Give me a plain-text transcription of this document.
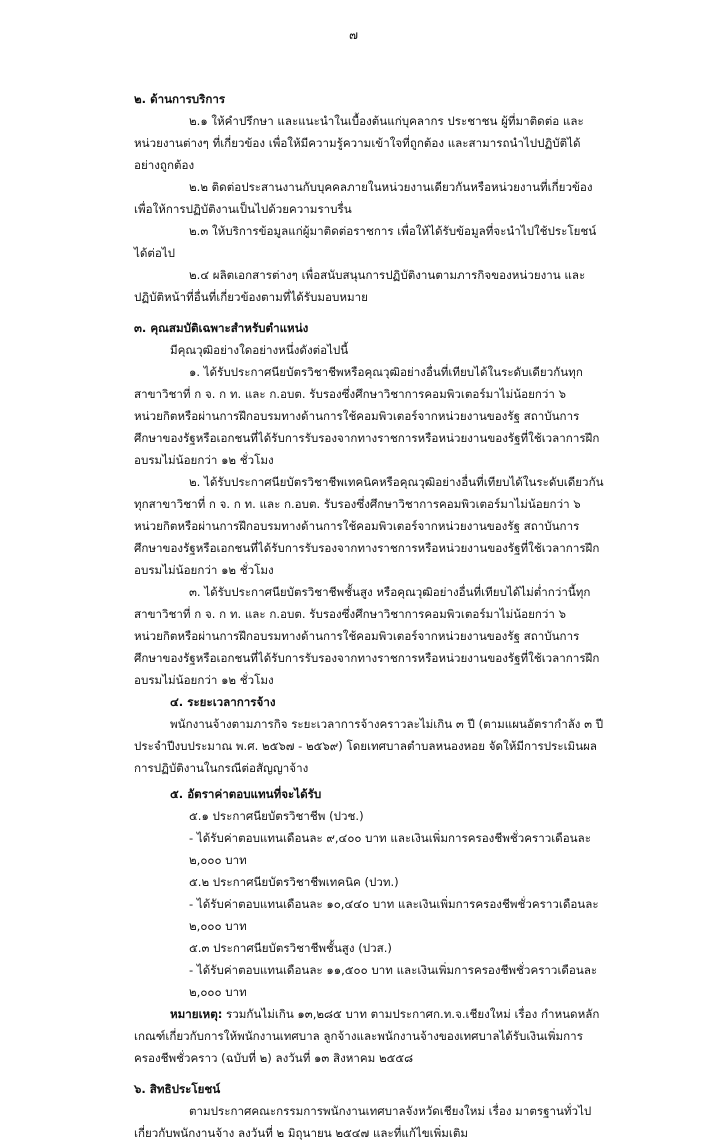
๗

๒. ด้านการบริการ

๒.๑ ให้คำปรึกษา และแนะนำในเบื้องต้นแก่บุคลากร ประชาชน ผู้ที่มาติดต่อ และหน่วยงานต่างๆ ที่เกี่ยวข้อง เพื่อให้มีความรู้ความเข้าใจที่ถูกต้อง และสามารถนำไปปฏิบัติได้อย่างถูกต้อง

๒.๒ ติดต่อประสานงานกับบุคคลภายในหน่วยงานเดียวกันหรือหน่วยงานที่เกี่ยวข้อง เพื่อให้การปฏิบัติงานเป็นไปด้วยความราบรื่น

๒.๓ ให้บริการข้อมูลแก่ผู้มาติดต่อราชการ เพื่อให้ได้รับข้อมูลที่จะนำไปใช้ประโยชน์ได้ต่อไป

๒.๔ ผลิตเอกสารต่างๆ เพื่อสนับสนุนการปฏิบัติงานตามภารกิจของหน่วยงาน และปฏิบัติหน้าที่อื่นที่เกี่ยวข้องตามที่ได้รับมอบหมาย

๓. คุณสมบัติเฉพาะสำหรับตำแหน่ง

มีคุณวุฒิอย่างใดอย่างหนึ่งดังต่อไปนี้

๑. ได้รับประกาศนียบัตรวิชาชีพหรือคุณวุฒิอย่างอื่นที่เทียบได้ในระดับเดียวกันทุกสาขาวิชาที่ ก จ. ก ท. และ ก.อบต. รับรองซึ่งศึกษาวิชาการคอมพิวเตอร์มาไม่น้อยกว่า ๖ หน่วยกิตหรือผ่านการฝึกอบรมทางด้านการใช้คอมพิวเตอร์จากหน่วยงานของรัฐ สถาบันการศึกษาของรัฐหรือเอกชนที่ได้รับการรับรองจากทางราชการหรือหน่วยงานของรัฐที่ใช้เวลาการฝึกอบรมไม่น้อยกว่า ๑๒ ชั่วโมง

๒. ได้รับประกาศนียบัตรวิชาชีพเทคนิคหรือคุณวุฒิอย่างอื่นที่เทียบได้ในระดับเดียวกันทุกสาขาวิชาที่ ก จ. ก ท. และ ก.อบต. รับรองซึ่งศึกษาวิชาการคอมพิวเตอร์มาไม่น้อยกว่า ๖ หน่วยกิตหรือผ่านการฝึกอบรมทางด้านการใช้คอมพิวเตอร์จากหน่วยงานของรัฐ สถาบันการศึกษาของรัฐหรือเอกชนที่ได้รับการรับรองจากทางราชการหรือหน่วยงานของรัฐที่ใช้เวลาการฝึกอบรมไม่น้อยกว่า ๑๒ ชั่วโมง

๓. ได้รับประกาศนียบัตรวิชาชีพชั้นสูง หรือคุณวุฒิอย่างอื่นที่เทียบได้ไม่ต่ำกว่านี้ทุกสาขาวิชาที่ ก จ. ก ท. และ ก.อบต. รับรองซึ่งศึกษาวิชาการคอมพิวเตอร์มาไม่น้อยกว่า ๖ หน่วยกิตหรือผ่านการฝึกอบรมทางด้านการใช้คอมพิวเตอร์จากหน่วยงานของรัฐ สถาบันการศึกษาของรัฐหรือเอกชนที่ได้รับการรับรองจากทางราชการหรือหน่วยงานของรัฐที่ใช้เวลาการฝึกอบรมไม่น้อยกว่า ๑๒ ชั่วโมง

๔. ระยะเวลาการจ้าง

พนักงานจ้างตามภารกิจ ระยะเวลาการจ้างคราวละไม่เกิน ๓ ปี (ตามแผนอัตรากำลัง ๓ ปี ประจำปีงบประมาณ พ.ศ. ๒๕๖๗ - ๒๕๖๙) โดยเทศบาลตำบลหนองหอย จัดให้มีการประเมินผลการปฏิบัติงานในกรณีต่อสัญญาจ้าง

๕. อัตราค่าตอบแทนที่จะได้รับ

๕.๑ ประกาศนียบัตรวิชาชีพ (ปวช.)

- ได้รับค่าตอบแทนเดือนละ ๙,๔๐๐ บาท และเงินเพิ่มการครองชีพชั่วคราวเดือนละ ๒,๐๐๐ บาท

๕.๒ ประกาศนียบัตรวิชาชีพเทคนิค (ปวท.)

- ได้รับค่าตอบแทนเดือนละ ๑๐,๔๔๐ บาท และเงินเพิ่มการครองชีพชั่วคราวเดือนละ ๒,๐๐๐ บาท

๕.๓ ประกาศนียบัตรวิชาชีพชั้นสูง (ปวส.)

- ได้รับค่าตอบแทนเดือนละ ๑๑,๕๐๐ บาท และเงินเพิ่มการครองชีพชั่วคราวเดือนละ ๒,๐๐๐ บาท

หมายเหตุ: รวมกันไม่เกิน ๑๓,๒๘๕ บาท ตามประกาศก.ท.จ.เชียงใหม่ เรื่อง กำหนดหลักเกณฑ์เกี่ยวกับการให้พนักงานเทศบาล ลูกจ้างและพนักงานจ้างของเทศบาลได้รับเงินเพิ่มการครองชีพชั่วคราว (ฉบับที่ ๒) ลงวันที่ ๑๓ สิงหาคม ๒๕๕๘

๖. สิทธิประโยชน์

ตามประกาศคณะกรรมการพนักงานเทศบาลจังหวัดเชียงใหม่ เรื่อง มาตรฐานทั่วไปเกี่ยวกับพนักงานจ้าง ลงวันที่ ๒ มิถุนายน ๒๕๔๗ และที่แก้ไขเพิ่มเติม
